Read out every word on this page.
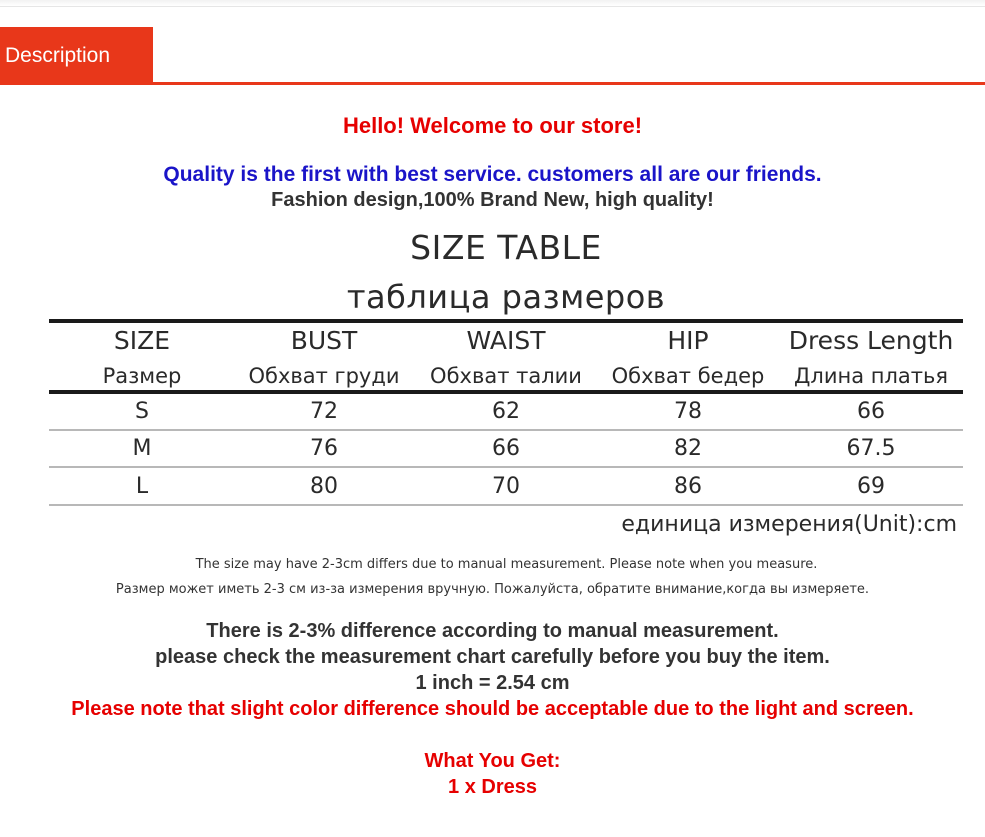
Description
Hello! Welcome to our store!
Quality is the first with best service. customers all are our friends.
Fashion design,100% Brand New, high quality!
SIZE TABLE
таблица размеров
SIZE	BUST	WAIST	HIP	Dress Length
Размер	Обхват груди	Обхват талии	Обхват бедер	Длина платья
S	72	62	78	66
M	76	66	82	67.5
L	80	70	86	69
единица измерения(Unit):cm
The size may have 2-3cm differs due to manual measurement. Please note when you measure.
Размер может иметь 2-3 см из-за измерения вручную. Пожалуйста, обратите внимание,когда вы измеряете.
There is 2-3% difference according to manual measurement.
please check the measurement chart carefully before you buy the item.
1 inch = 2.54 cm
Please note that slight color difference should be acceptable due to the light and screen.
What You Get:
1 x Dress
